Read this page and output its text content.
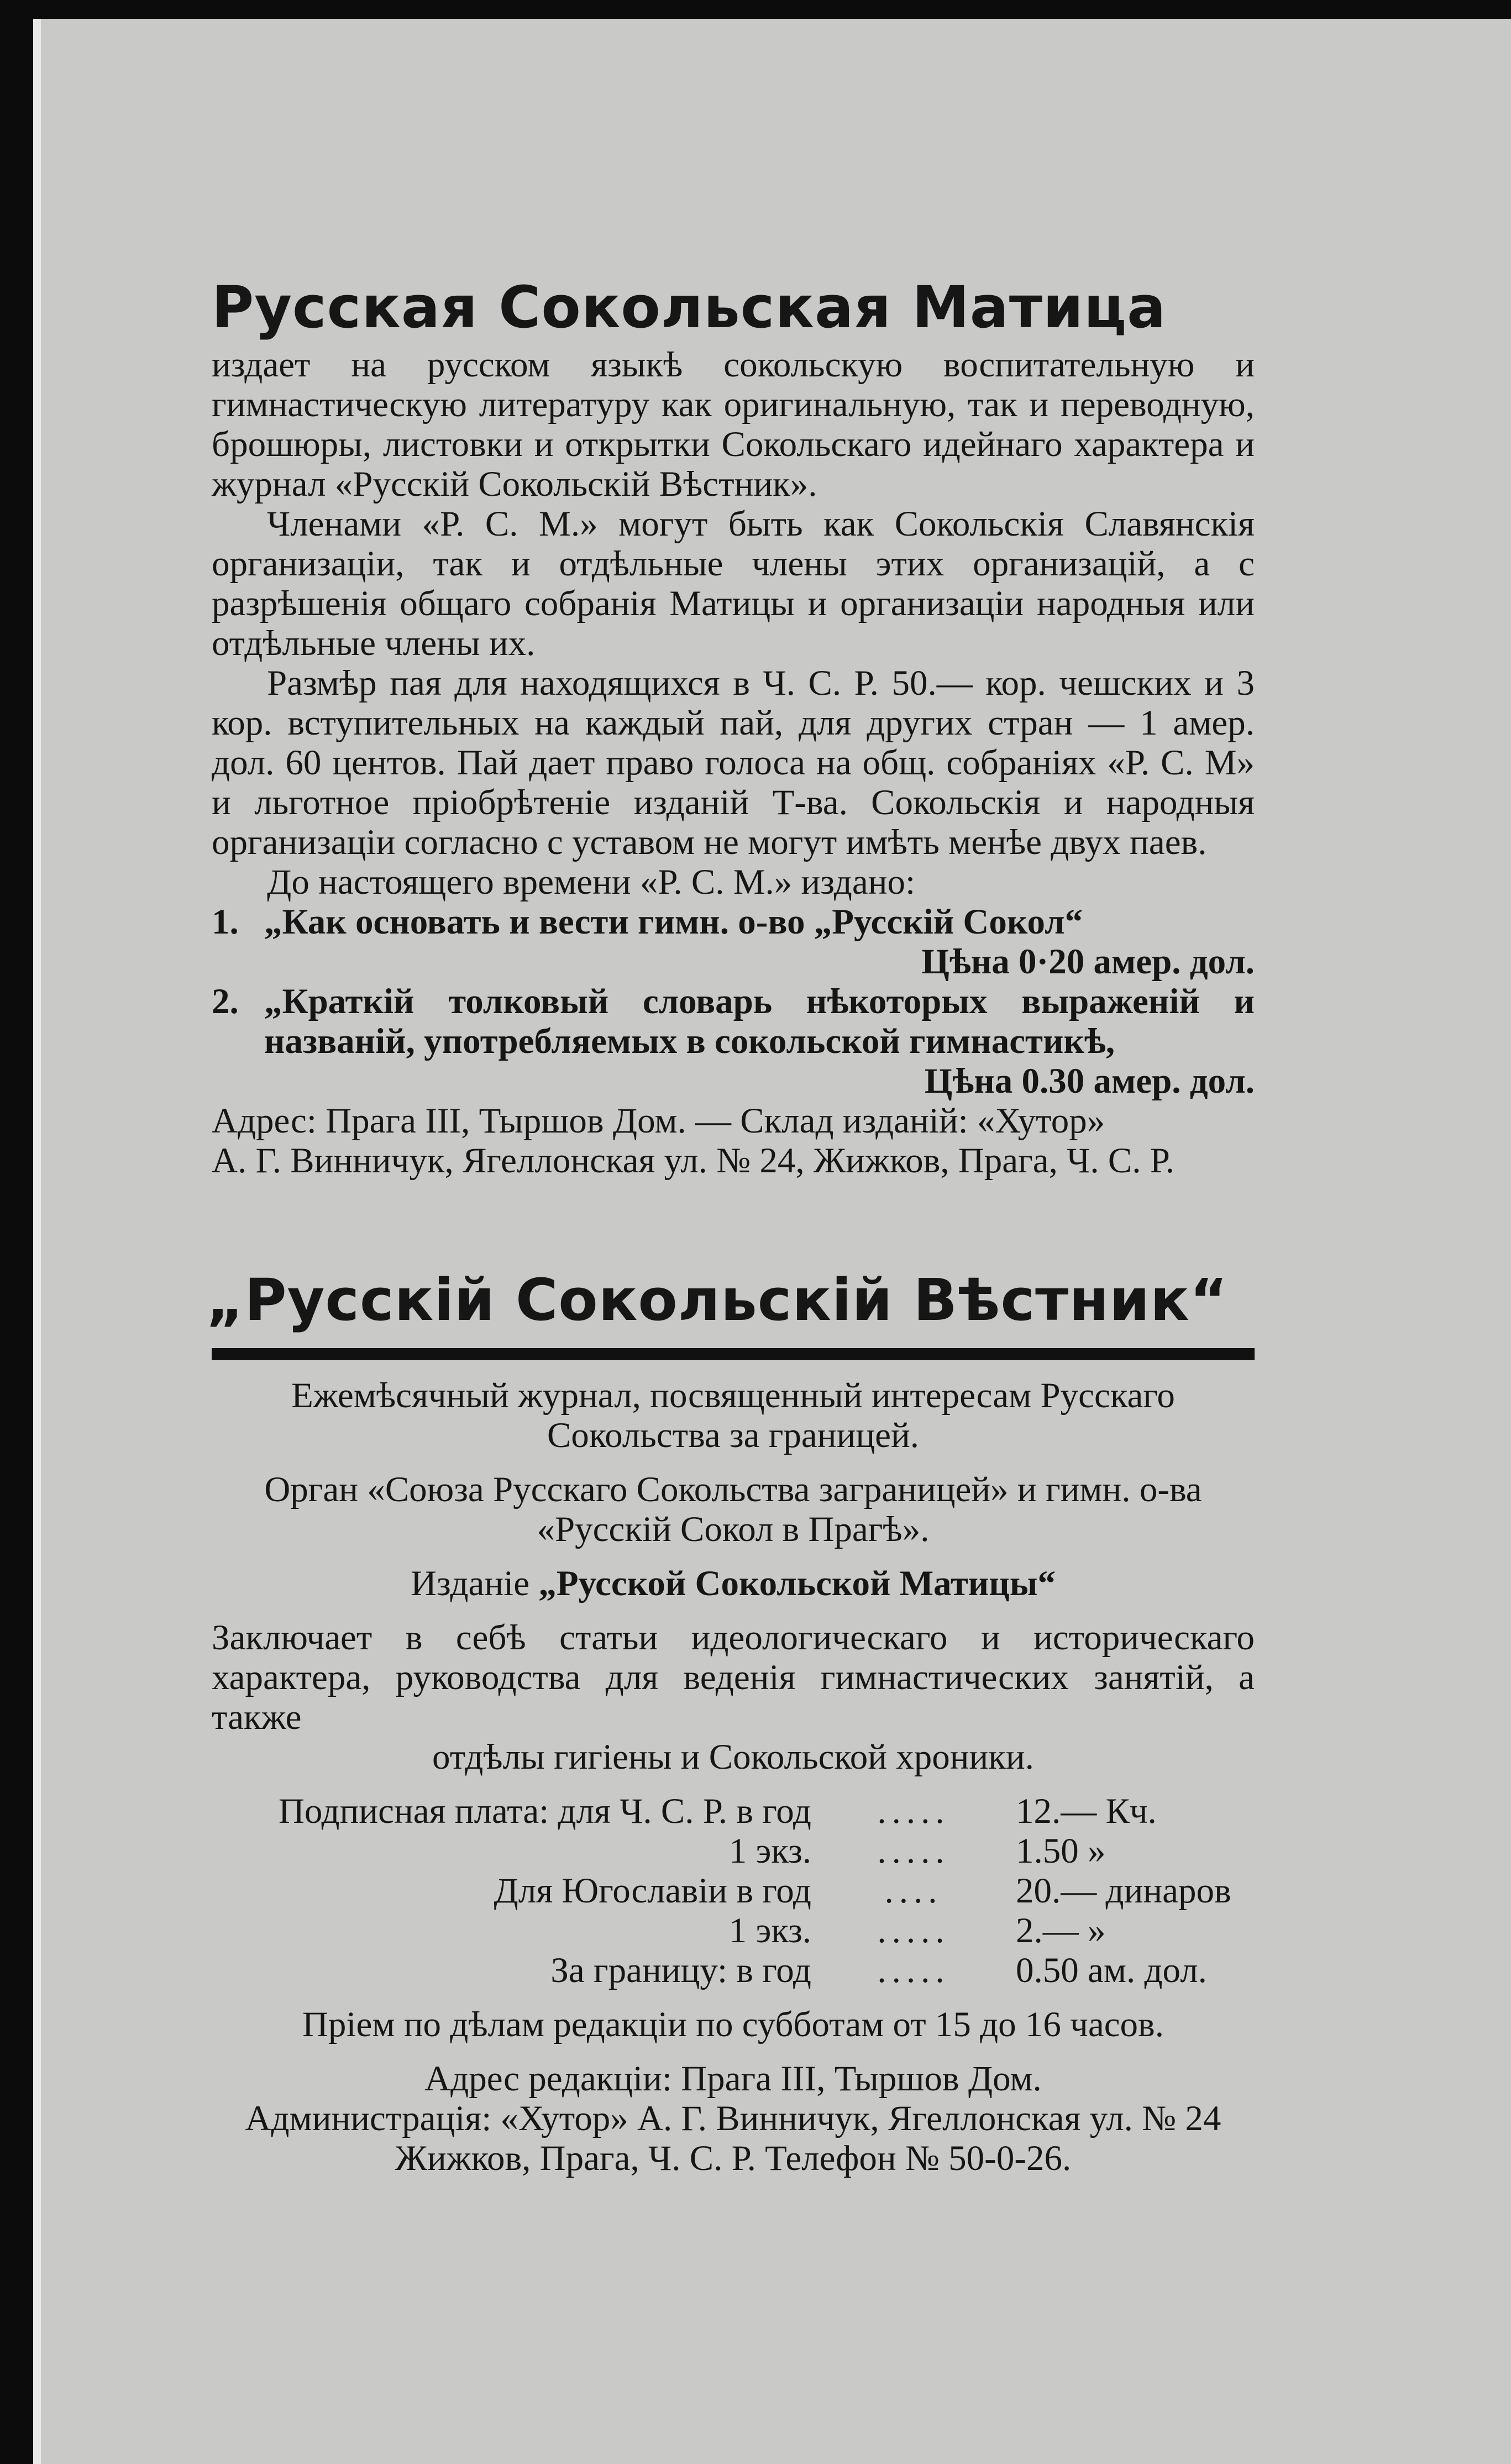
Русская Сокольская Матица

издает на русском языкѣ сокольскую воспитательную и гимнастическую литературу как оригинальную, так и переводную, брошюры, листовки и открытки Сокольскаго идейнаго характера и журнал «Русскій Сокольскій Вѣстник».

Членами «Р. С. М.» могут быть как Сокольскія Славянскія организаціи, так и отдѣльные члены этих организацій, а с разрѣшенія общаго собранія Матицы и организаціи народныя или отдѣльные члены их.

Размѣр пая для находящихся в Ч. С. Р. 50.— кор. чешских и 3 кор. вступительных на каждый пай, для других стран — 1 амер. дол. 60 центов. Пай дает право голоса на общ. собраніях «Р. С. М» и льготное пріобрѣтеніе изданій Т-ва. Сокольскія и народныя организаціи согласно с уставом не могут имѣть менѣе двух паев.

До настоящего времени «Р. С. М.» издано:

1. „Как основать и вести гимн. о-во „Русскій Сокол“
Цѣна 0·20 амер. дол.
2. „Краткій толковый словарь нѣкоторых выраженій и названій, употребляемых в сокольской гимнастикѣ,
Цѣна 0.30 амер. дол.

Адрес: Прага III, Тыршов Дом. — Склад изданій: «Хутор»

А. Г. Винничук, Ягеллонская ул. № 24, Жижков, Прага, Ч. С. Р.

„Русскій Сокольскій Вѣстник“
Ежемѣсячный журнал, посвященный интересам Русскаго
Сокольства за границей.
Орган «Союза Русскаго Сокольства заграницей» и гимн. о-ва
«Русскій Сокол в Прагѣ».
Изданіе „Русской Сокольской Матицы“

Заключает в себѣ статьи идеологическаго и историческаго характера, руководства для веденія гимнастических занятій, а также

отдѣлы гигіены и Сокольской хроники.
Подписная плата: для Ч. С. Р. в год	.....	12.— Кч.
1 экз.	.....	1.50 »
Для Югославіи в год	....	20.— динаров
1 экз.	.....	2.— »
За границу: в год	.....	0.50 ам. дол.
Пріем по дѣлам редакціи по субботам от 15 до 16 часов.
Адрес редакціи: Прага III, Тыршов Дом.
Администрація: «Хутор» А. Г. Винничук, Ягеллонская ул. № 24
Жижков, Прага, Ч. С. Р. Телефон № 50-0-26.
